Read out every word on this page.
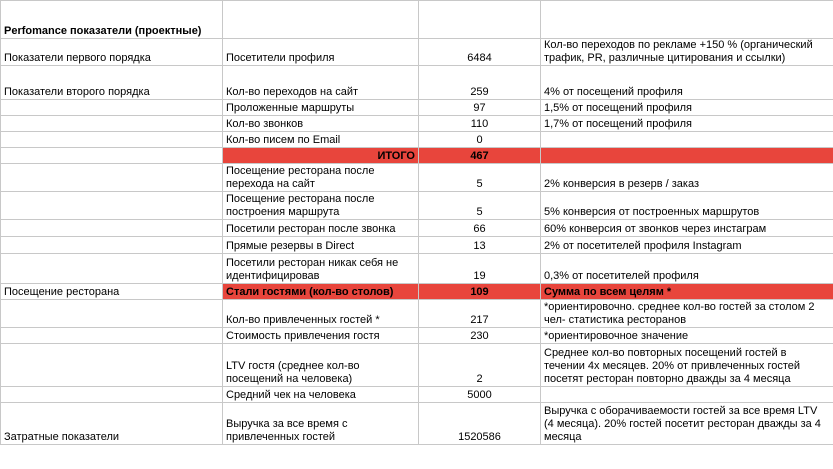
Perfomance показатели (проектные)			
Показатели первого порядка	Посетители профиля	6484	Кол-во переходов по рекламе +150 % (органический трафик, PR, различные цитирования и ссылки)
Показатели второго порядка	Кол-во переходов на сайт	259	4% от посещений профиля
	Проложенные маршруты	97	1,5% от посещений профиля
	Кол-во звонков	110	1,7% от посещений профиля
	Кол-во писем по Email	0	
	ИТОГО	467	
	Посещение ресторана после перехода на сайт	5	2% конверсия в резерв / заказ
	Посещение ресторана после построения маршрута	5	5% конверсия от построенных маршрутов
	Посетили ресторан после звонка	66	60% конверсия от звонков через инстаграм
	Прямые резервы в Direct	13	2% от посетителей профиля Instagram
	Посетили ресторан никак себя не идентифицировав	19	0,3% от посетителей профиля
Посещение ресторана	Стали гостями (кол-во столов)	109	Сумма по всем целям *
	Кол-во привлеченных гостей *	217	*ориентировочно. среднее кол-во гостей за столом 2 чел- статистика ресторанов
	Стоимость привлечения гостя	230	*ориентировочное значение
	LTV гостя (среднее кол-во посещений на человека)	2	Среднее кол-во повторных посещений гостей в течении 4х месяцев. 20% от привлеченных гостей посетят ресторан повторно дважды за 4 месяца
	Средний чек на человека	5000	
Затратные показатели	Выручка за все время с привлеченных гостей	1520586	Выручка с оборачиваемости гостей за все время LTV (4 месяца). 20% гостей посетит ресторан дважды за 4 месяца
